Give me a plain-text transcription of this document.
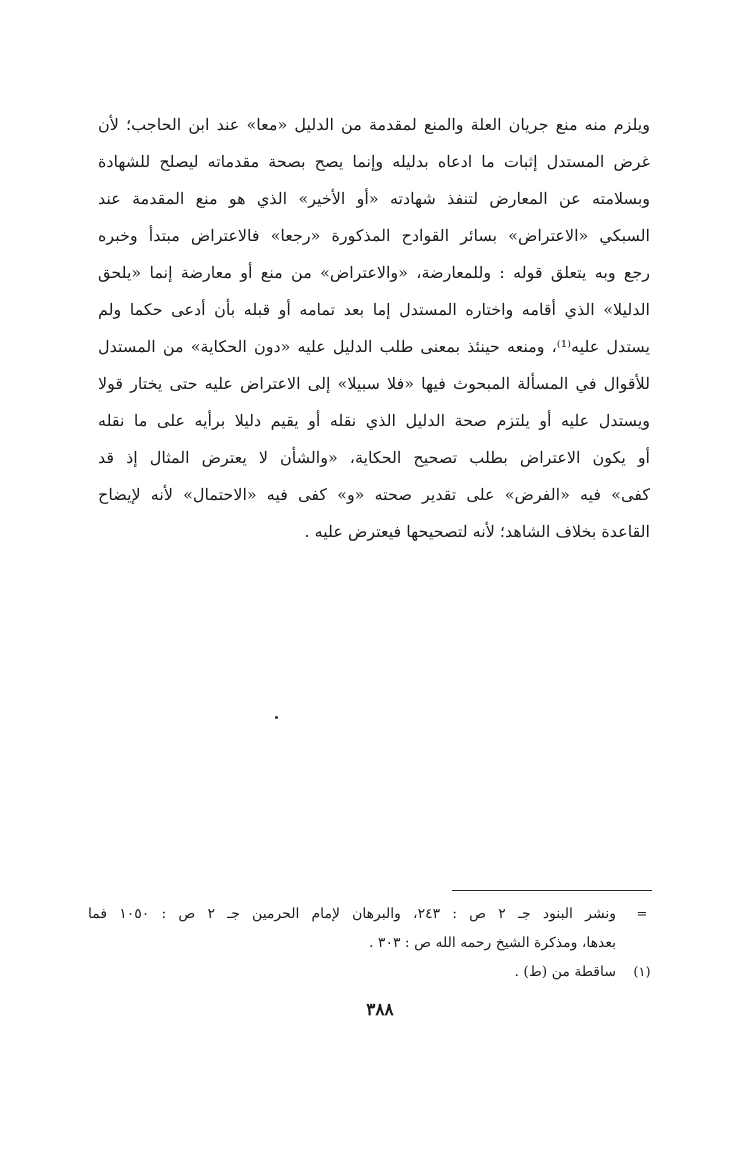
ويلزم منه منع جريان العلة والمنع لمقدمة من الدليل «معا» عند ابن الحاجب؛ لأن
غرض المستدل إثبات ما ادعاه بدليله وإنما يصح بصحة مقدماته ليصلح للشهادة
وبسلامته عن المعارض لتنفذ شهادته «أو الأخير» الذي هو منع المقدمة عند
السبكي «الاعتراض» بسائر القوادح المذكورة «رجعا» فالاعتراض مبتدأ وخبره
رجع وبه يتعلق قوله : وللمعارضة، «والاعتراض» من منع أو معارضة إنما «يلحق
الدليلا» الذي أقامه واختاره المستدل إما بعد تمامه أو قبله بأن أدعى حكما ولم
يستدل عليه⁽¹⁾، ومنعه حينئذ بمعنى طلب الدليل عليه «دون الحكاية» من المستدل
للأقوال في المسألة المبحوث فيها «فلا سبيلا» إلى الاعتراض عليه حتى يختار قولا
ويستدل عليه أو يلتزم صحة الدليل الذي نقله أو يقيم دليلا برأيه على ما نقله
أو يكون الاعتراض بطلب تصحيح الحكاية، «والشأن لا يعترض المثال إذ قد
كفى» فيه «الفرض» على تقدير صحته «و» كفى فيه «الاحتمال» لأنه لإيضاح
القاعدة بخلاف الشاهد؛ لأنه لتصحيحها فيعترض عليه .
=
ونشر البنود جـ ٢ ص : ٢٤٣، والبرهان لإمام الحرمين جـ ٢ ص : ١٠٥٠ فما
بعدها، ومذكرة الشيخ رحمه الله ص : ٣٠٣ .
(١)
ساقطة من (ط) .
٣٨٨
